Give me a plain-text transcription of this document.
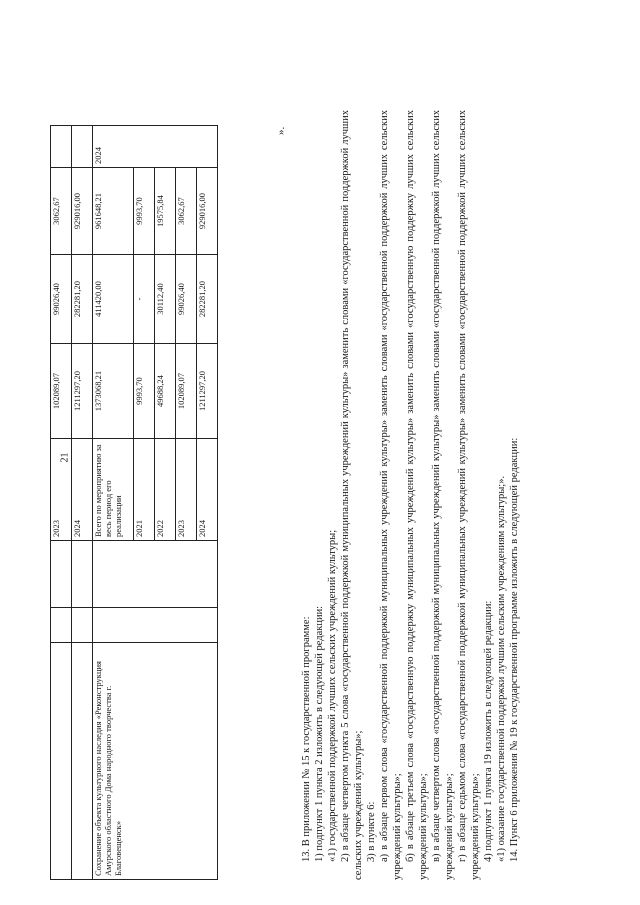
21
			2023	102089,07	99026,40	3062,67	
			2024	1211297,20	282281,20	929016,00	
Сохранение объекта культурного наследия «Реконструкция Амурского областного Дома народного творчества г. Благовещенск»			Всего по мероприятию за весь период его реализации	1373068,21	411420,00	961648,21	2024
			2021	9993,70	-	9993,70	
			2022	49688,24	30112,40	19575,84	
			2023	102089,07	99026,40	3062,67	
			2024	1211297,20	282281,20	929016,00	
».

13. В приложении № 15 к государственной программе: 1) подпункт 1 пункта 2 изложить в следующей редакции: «1) государственной поддержкой лучших сельских учреждений культуры; 2) в абзаце четвертом пункта 5 слова «государственной поддержкой муниципальных учреждений культуры» заменить словами «государственной поддержкой лучших сельских учреждений культуры»; 3) в пункте 6: а) в абзаце первом слова «государственной поддержкой муниципальных учреждений культуры» заменить словами «государственной поддержкой лучших сельских учреждений культуры»; б) в абзаце третьем слова «государственную поддержку муниципальных учреждений культуры» заменить словами «государственную поддержку лучших сельских учреждений культуры»; в) в абзаце четвертом слова «государственной поддержкой муниципальных учреждений культуры» заменить словами «государственной поддержкой лучших сельских учреждений культуры»; г) в абзаце седьмом слова «государственной поддержкой муниципальных учреждений культуры» заменить словами «государственной поддержкой лучших сельских учреждений культуры»; 4) подпункт 1 пункта 19 изложить в следующей редакции: «1) оказание государственной поддержки лучшим сельским учреждениям культуры;». 14. Пункт 6 приложения № 19 к государственной программе изложить в следующей редакции:
